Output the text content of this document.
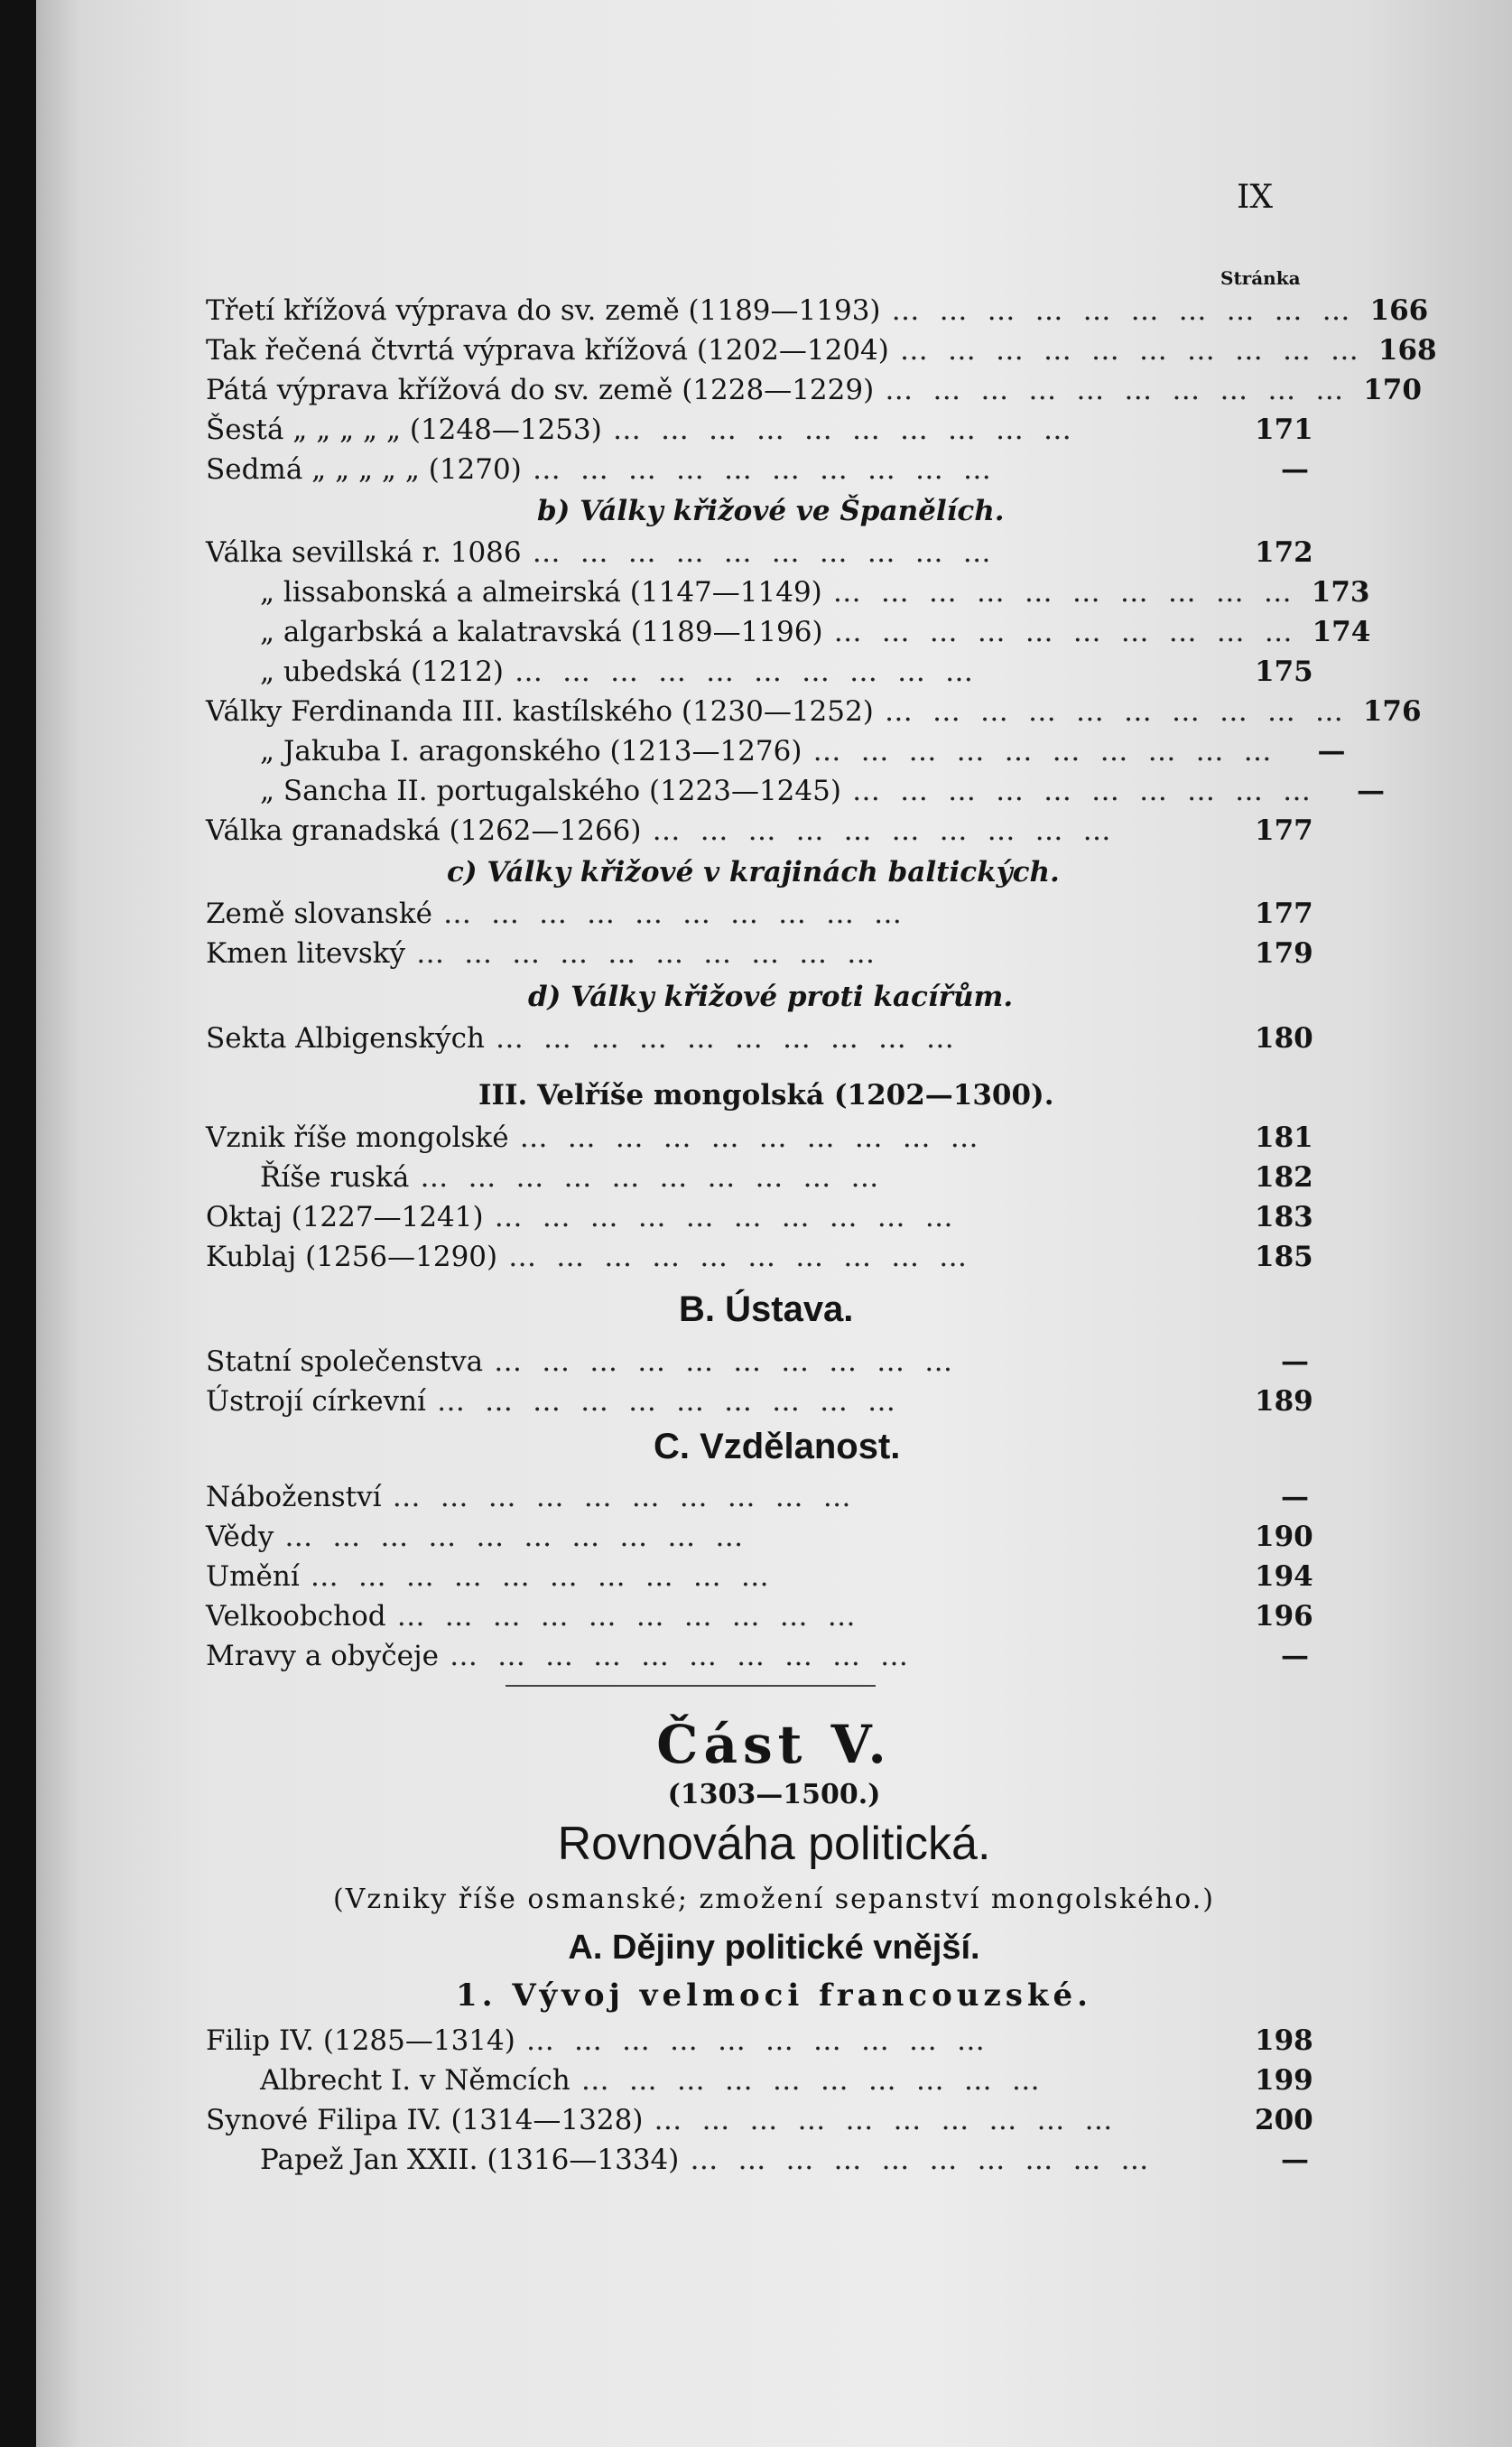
IX
Stránka
Třetí křížová výprava do sv. země (1189—1193) ………………………… 166
Tak řečená čtvrtá výprava křížová (1202—1204) ………………………… 168
Pátá výprava křížová do sv. země (1228—1229) ………………………… 170
Šestá „ „ „ „ „ (1248—1253) …………………………	171
Sedmá „ „ „ „ „ (1270) …………………………	—
b) Války křižové ve Španělích.
Válka sevillská r. 1086 …………………………	172
„ lissabonská a almeirská (1147—1149) ………………………… 173
„ algarbská a kalatravská (1189—1196) ………………………… 174
„ ubedská (1212) …………………………	175
Války Ferdinanda III. kastílského (1230—1252) ………………………… 176
„ Jakuba I. aragonského (1213—1276) ………………………… —
„ Sancha II. portugalského (1223—1245) ………………………… —
Válka granadská (1262—1266) …………………………	177
c) Války křižové v krajinách baltických.
Země slovanské …………………………	177
Kmen litevský …………………………	179
d) Války křižové proti kacířům.
Sekta Albigenských …………………………	180
III. Velříše mongolská (1202—1300).
Vznik říše mongolské …………………………	181
Říše ruská …………………………	182
Oktaj (1227—1241) …………………………	183
Kublaj (1256—1290) …………………………	185
B. Ústava.
Statní společenstva …………………………	—
Ústrojí církevní …………………………	189
C. Vzdělanost.
Náboženství …………………………	—
Vědy …………………………	190
Umění …………………………	194
Velkoobchod …………………………	196
Mravy a obyčeje …………………………	—
Část V.
(1303—1500.)
Rovnováha politická.
(Vzniky říše osmanské; zmožení sepanství mongolského.)
A. Dějiny politické vnější.
1. Vývoj velmoci francouzské.
Filip IV. (1285—1314) …………………………	198
Albrecht I. v Němcích …………………………	199
Synové Filipa IV. (1314—1328) …………………………	200
Papež Jan XXII. (1316—1334) …………………………	—
